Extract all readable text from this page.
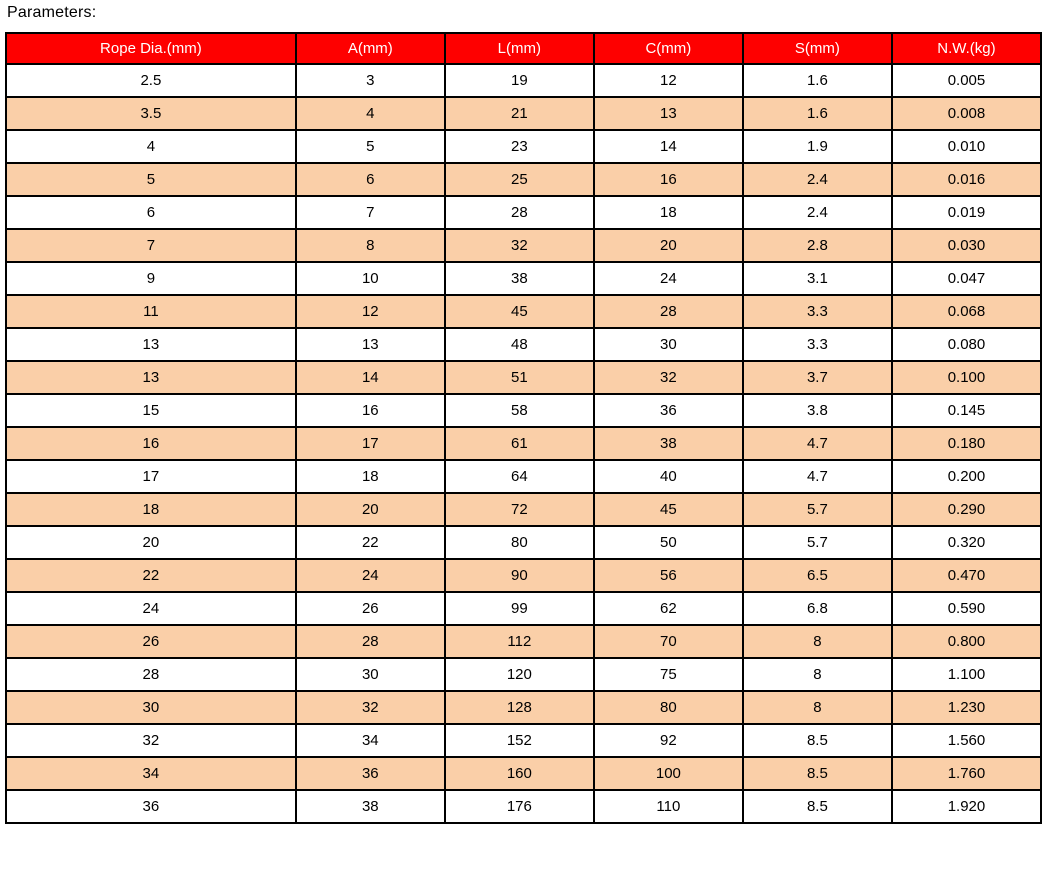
Parameters:
Rope Dia.(mm)	A(mm)	L(mm)	C(mm)	S(mm)	N.W.(kg)
2.5	3	19	12	1.6	0.005
3.5	4	21	13	1.6	0.008
4	5	23	14	1.9	0.010
5	6	25	16	2.4	0.016
6	7	28	18	2.4	0.019
7	8	32	20	2.8	0.030
9	10	38	24	3.1	0.047
11	12	45	28	3.3	0.068
13	13	48	30	3.3	0.080
13	14	51	32	3.7	0.100
15	16	58	36	3.8	0.145
16	17	61	38	4.7	0.180
17	18	64	40	4.7	0.200
18	20	72	45	5.7	0.290
20	22	80	50	5.7	0.320
22	24	90	56	6.5	0.470
24	26	99	62	6.8	0.590
26	28	112	70	8	0.800
28	30	120	75	8	1.100
30	32	128	80	8	1.230
32	34	152	92	8.5	1.560
34	36	160	100	8.5	1.760
36	38	176	110	8.5	1.920
